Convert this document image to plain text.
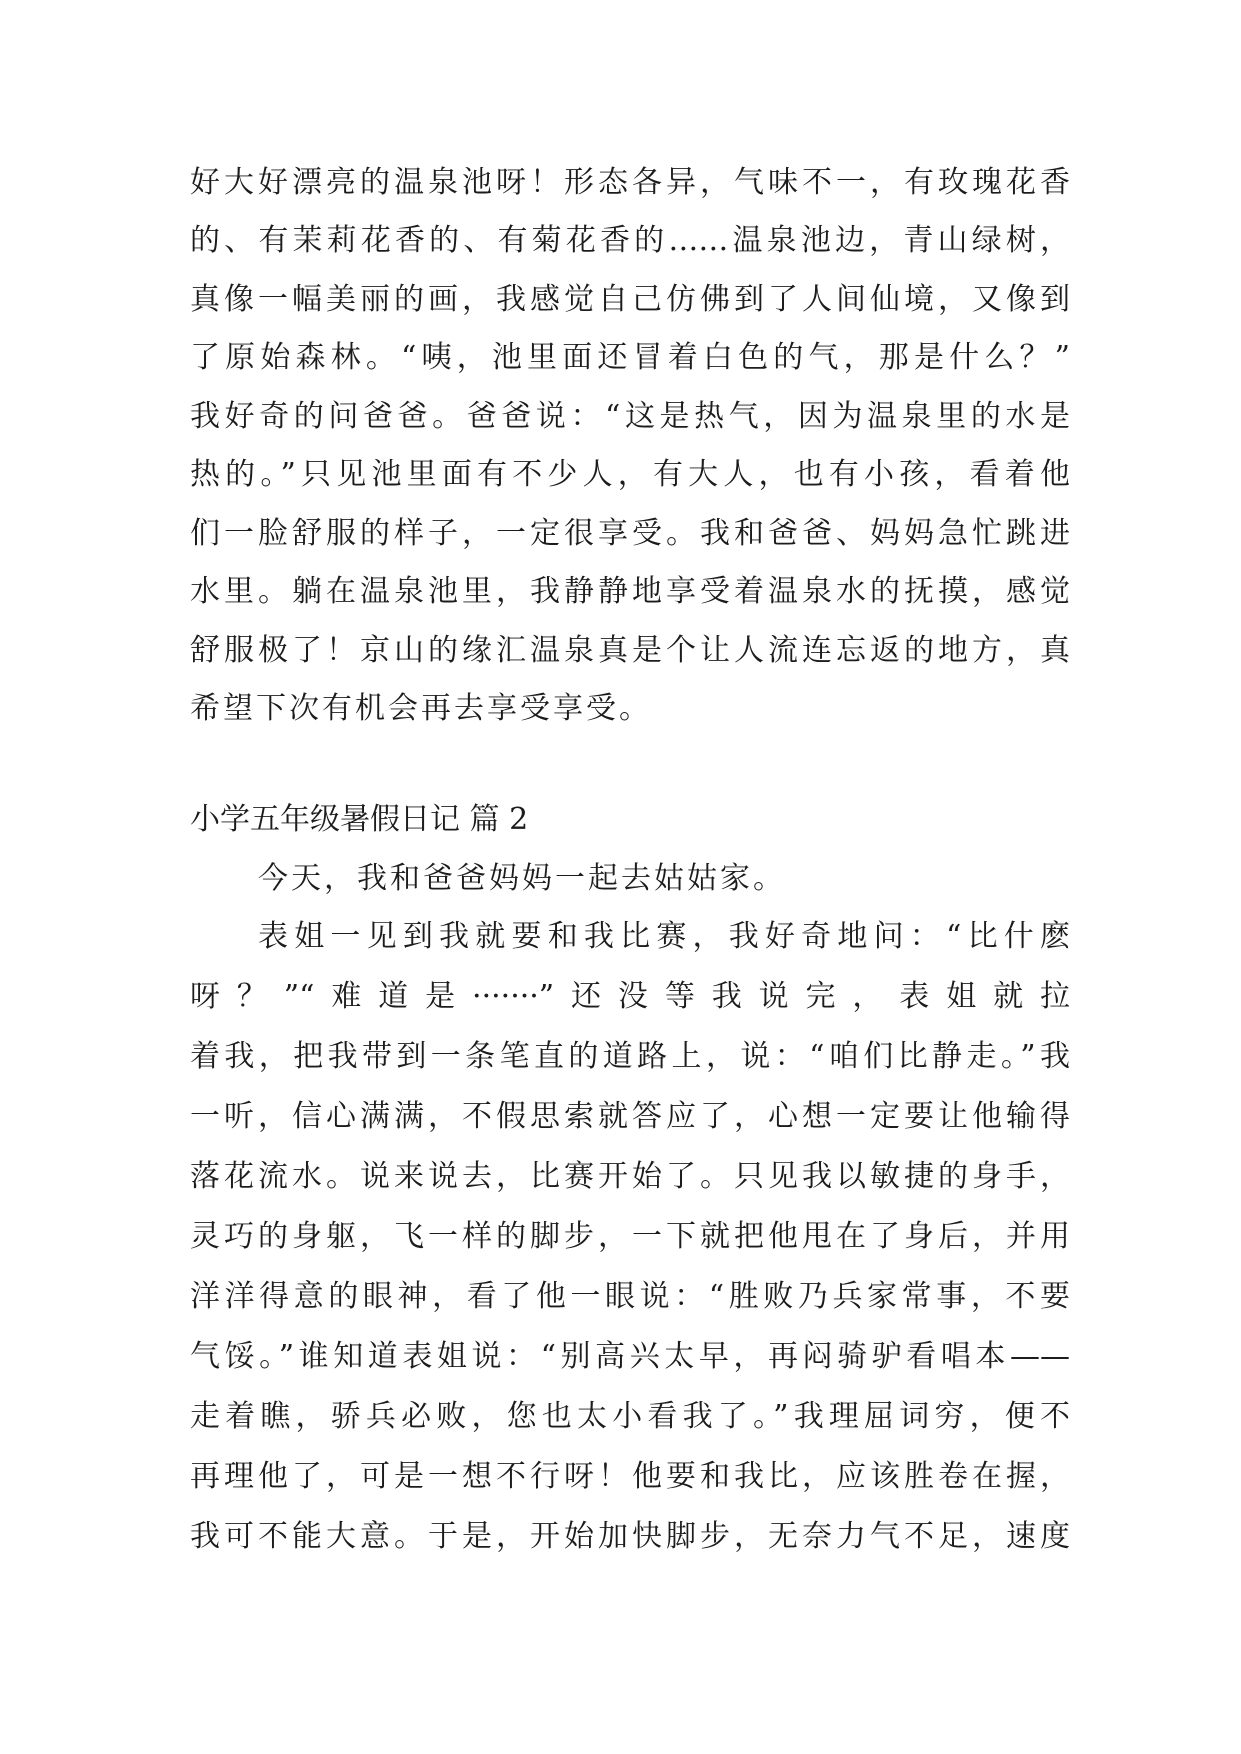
好大好漂亮的温泉池呀！形态各异，气味不一，有玫瑰花香
的、有茉莉花香的、有菊花香的……温泉池边，青山绿树，
真像一幅美丽的画，我感觉自己仿佛到了人间仙境，又像到
了原始森林。“咦，池里面还冒着白色的气，那是什么？”
我好奇的问爸爸。爸爸说：“这是热气，因为温泉里的水是
热的。”只见池里面有不少人，有大人，也有小孩，看着他
们一脸舒服的样子，一定很享受。我和爸爸、妈妈急忙跳进
水里。躺在温泉池里，我静静地享受着温泉水的抚摸，感觉
舒服极了！京山的缘汇温泉真是个让人流连忘返的地方，真
希望下次有机会再去享受享受。
小学五年级暑假日记 篇 2
今天，我和爸爸妈妈一起去姑姑家。
表姐一见到我就要和我比赛，我好奇地问：“比什麽
呀？”“难道是·······”还没等我说完，表姐就拉
着我，把我带到一条笔直的道路上，说：“咱们比静走。”我
一听，信心满满，不假思索就答应了，心想一定要让他输得
落花流水。说来说去，比赛开始了。只见我以敏捷的身手，
灵巧的身躯，飞一样的脚步，一下就把他甩在了身后，并用
洋洋得意的眼神，看了他一眼说：“胜败乃兵家常事，不要
气馁。”谁知道表姐说：“别高兴太早，再闷骑驴看唱本——
走着瞧，骄兵必败，您也太小看我了。”我理屈词穷，便不
再理他了，可是一想不行呀！他要和我比，应该胜卷在握，
我可不能大意。于是，开始加快脚步，无奈力气不足，速度
